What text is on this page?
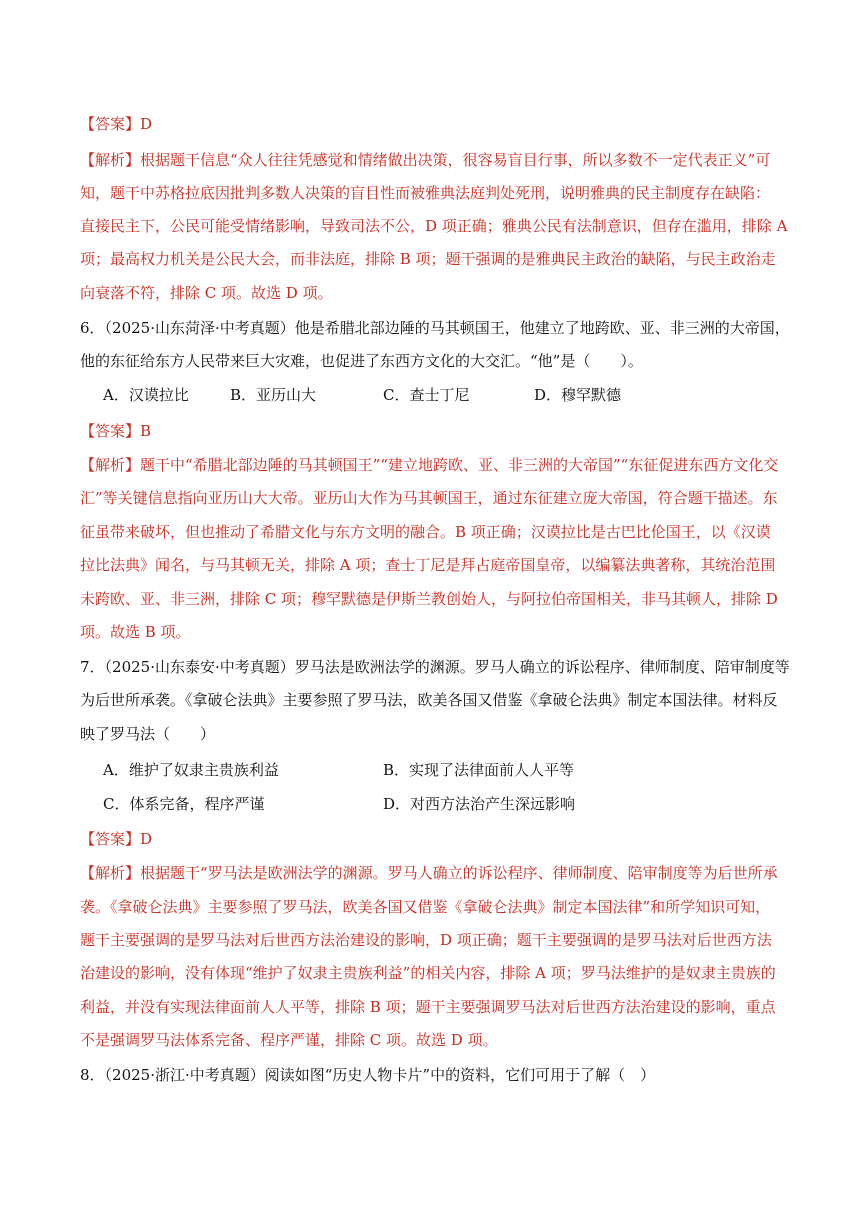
【答案】D
【解析】根据题干信息“众人往往凭感觉和情绪做出决策，很容易盲目行事，所以多数不一定代表正义”可
知，题干中苏格拉底因批判多数人决策的盲目性而被雅典法庭判处死刑，说明雅典的民主制度存在缺陷：
直接民主下，公民可能受情绪影响，导致司法不公，D 项正确；雅典公民有法制意识，但存在滥用，排除 A
项；最高权力机关是公民大会，而非法庭，排除 B 项；题干强调的是雅典民主政治的缺陷，与民主政治走
向衰落不符，排除 C 项。故选 D 项。
6．（2025·山东菏泽·中考真题）他是希腊北部边陲的马其顿国王，他建立了地跨欧、亚、非三洲的大帝国，
他的东征给东方人民带来巨大灾难，也促进了东西方文化的大交汇。“他”是（　　）。
A．汉谟拉比	B．亚历山大	C．查士丁尼	D．穆罕默德
【答案】B
【解析】题干中“希腊北部边陲的马其顿国王”“建立地跨欧、亚、非三洲的大帝国”“东征促进东西方文化交
汇”等关键信息指向亚历山大大帝。亚历山大作为马其顿国王，通过东征建立庞大帝国，符合题干描述。东
征虽带来破坏，但也推动了希腊文化与东方文明的融合。B 项正确；汉谟拉比是古巴比伦国王，以《汉谟
拉比法典》闻名，与马其顿无关，排除 A 项；查士丁尼是拜占庭帝国皇帝，以编纂法典著称，其统治范围
未跨欧、亚、非三洲，排除 C 项；穆罕默德是伊斯兰教创始人，与阿拉伯帝国相关，非马其顿人，排除 D
项。故选 B 项。
7．（2025·山东泰安·中考真题）罗马法是欧洲法学的渊源。罗马人确立的诉讼程序、律师制度、陪审制度等
为后世所承袭。《拿破仑法典》主要参照了罗马法，欧美各国又借鉴《拿破仑法典》制定本国法律。材料反
映了罗马法（　　）
A．维护了奴隶主贵族利益	B．实现了法律面前人人平等
C．体系完备，程序严谨	D．对西方法治产生深远影响
【答案】D
【解析】根据题干“罗马法是欧洲法学的渊源。罗马人确立的诉讼程序、律师制度、陪审制度等为后世所承
袭。《拿破仑法典》主要参照了罗马法，欧美各国又借鉴《拿破仑法典》制定本国法律”和所学知识可知，
题干主要强调的是罗马法对后世西方法治建设的影响，D 项正确；题干主要强调的是罗马法对后世西方法
治建设的影响，没有体现“维护了奴隶主贵族利益”的相关内容，排除 A 项；罗马法维护的是奴隶主贵族的
利益，并没有实现法律面前人人平等，排除 B 项；题干主要强调罗马法对后世西方法治建设的影响，重点
不是强调罗马法体系完备、程序严谨，排除 C 项。故选 D 项。
8．（2025·浙江·中考真题）阅读如图“历史人物卡片”中的资料，它们可用于了解（　）
